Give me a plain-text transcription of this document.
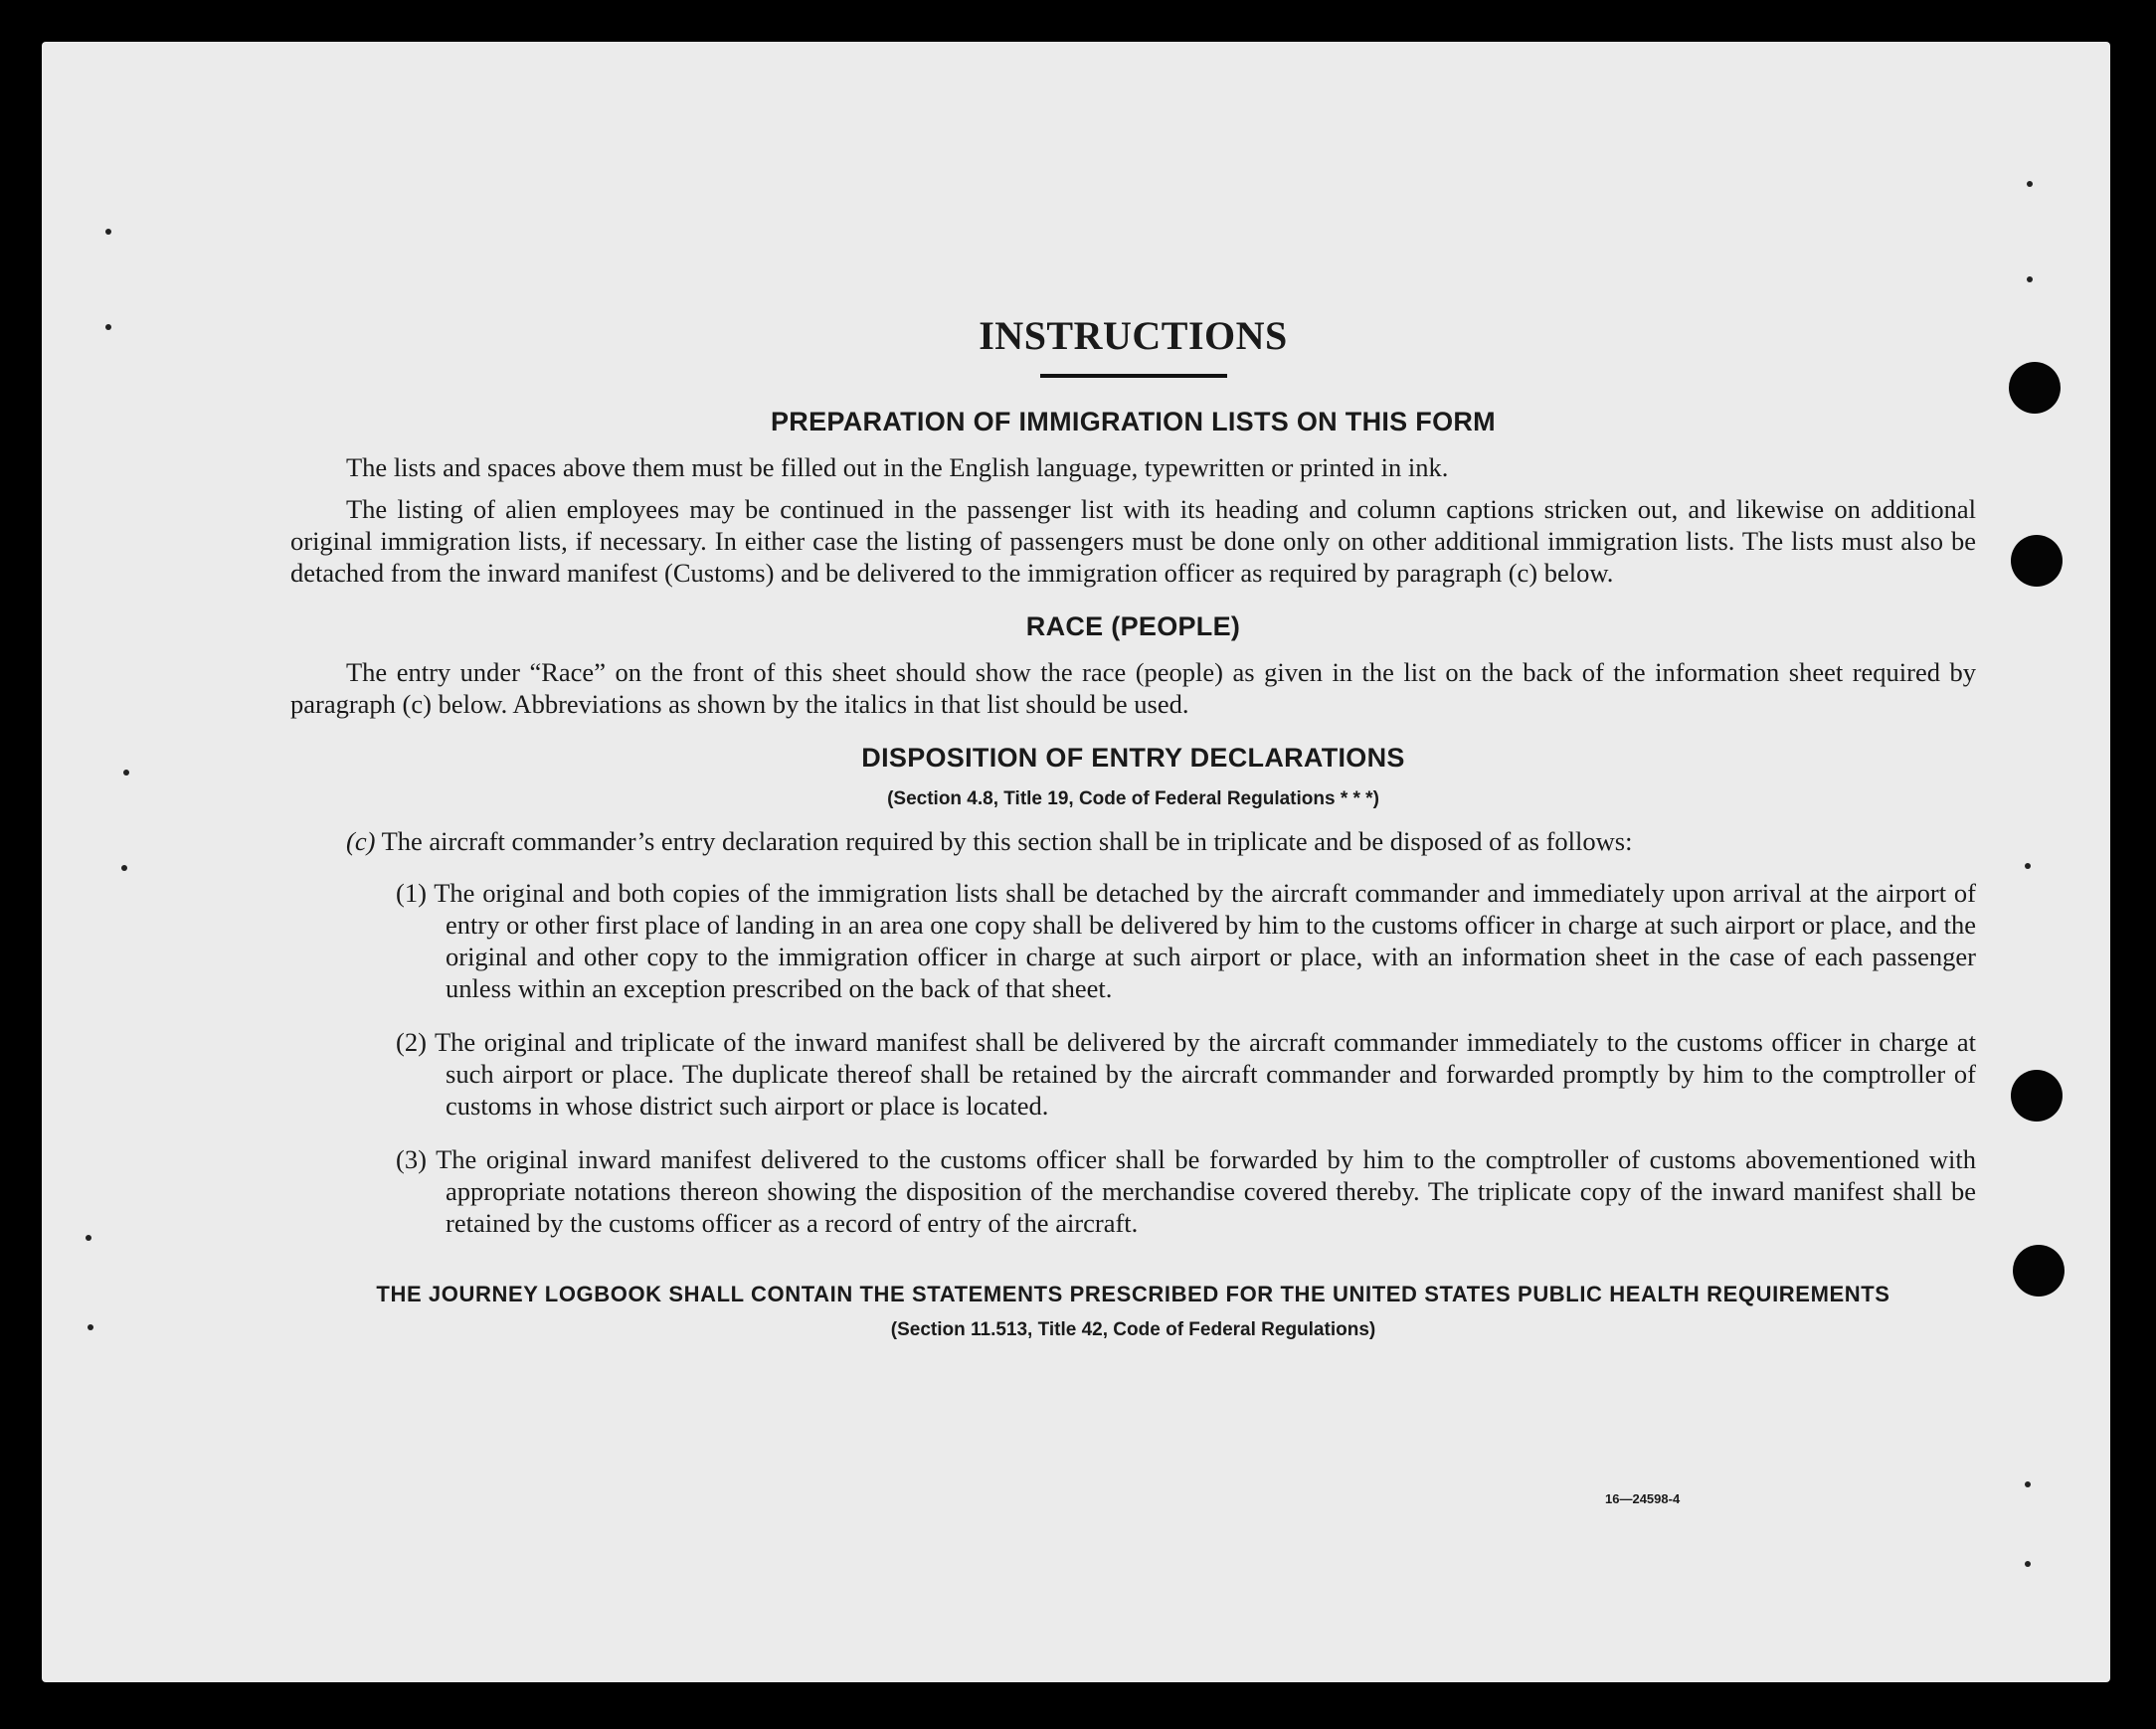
INSTRUCTIONS
PREPARATION OF IMMIGRATION LISTS ON THIS FORM

The lists and spaces above them must be filled out in the English language, typewritten or printed in ink.

The listing of alien employees may be continued in the passenger list with its heading and column captions stricken out, and likewise on additional original immigration lists, if necessary. In either case the listing of passengers must be done only on other additional immigration lists. The lists must also be detached from the inward manifest (Customs) and be delivered to the immigration officer as required by paragraph (c) below.

RACE (PEOPLE)

The entry under “Race” on the front of this sheet should show the race (people) as given in the list on the back of the information sheet required by paragraph (c) below. Abbreviations as shown by the italics in that list should be used.

DISPOSITION OF ENTRY DECLARATIONS

(Section 4.8, Title 19, Code of Federal Regulations * * *)

(c) The aircraft commander’s entry declaration required by this section shall be in triplicate and be disposed of as follows:

(1) The original and both copies of the immigration lists shall be detached by the aircraft commander and immediately upon arrival at the airport of entry or other first place of landing in an area one copy shall be delivered by him to the customs officer in charge at such airport or place, and the original and other copy to the immigration officer in charge at such airport or place, with an information sheet in the case of each passenger unless within an exception prescribed on the back of that sheet.

(2) The original and triplicate of the inward manifest shall be delivered by the aircraft commander immediately to the customs officer in charge at such airport or place. The duplicate thereof shall be retained by the aircraft commander and forwarded promptly by him to the comptroller of customs in whose district such airport or place is located.

(3) The original inward manifest delivered to the customs officer shall be forwarded by him to the comptroller of customs abovementioned with appropriate notations thereon showing the disposition of the merchandise covered thereby. The triplicate copy of the inward manifest shall be retained by the customs officer as a record of entry of the aircraft.

THE JOURNEY LOGBOOK SHALL CONTAIN THE STATEMENTS PRESCRIBED FOR THE UNITED STATES PUBLIC HEALTH REQUIREMENTS

(Section 11.513, Title 42, Code of Federal Regulations)

16—24598-4
